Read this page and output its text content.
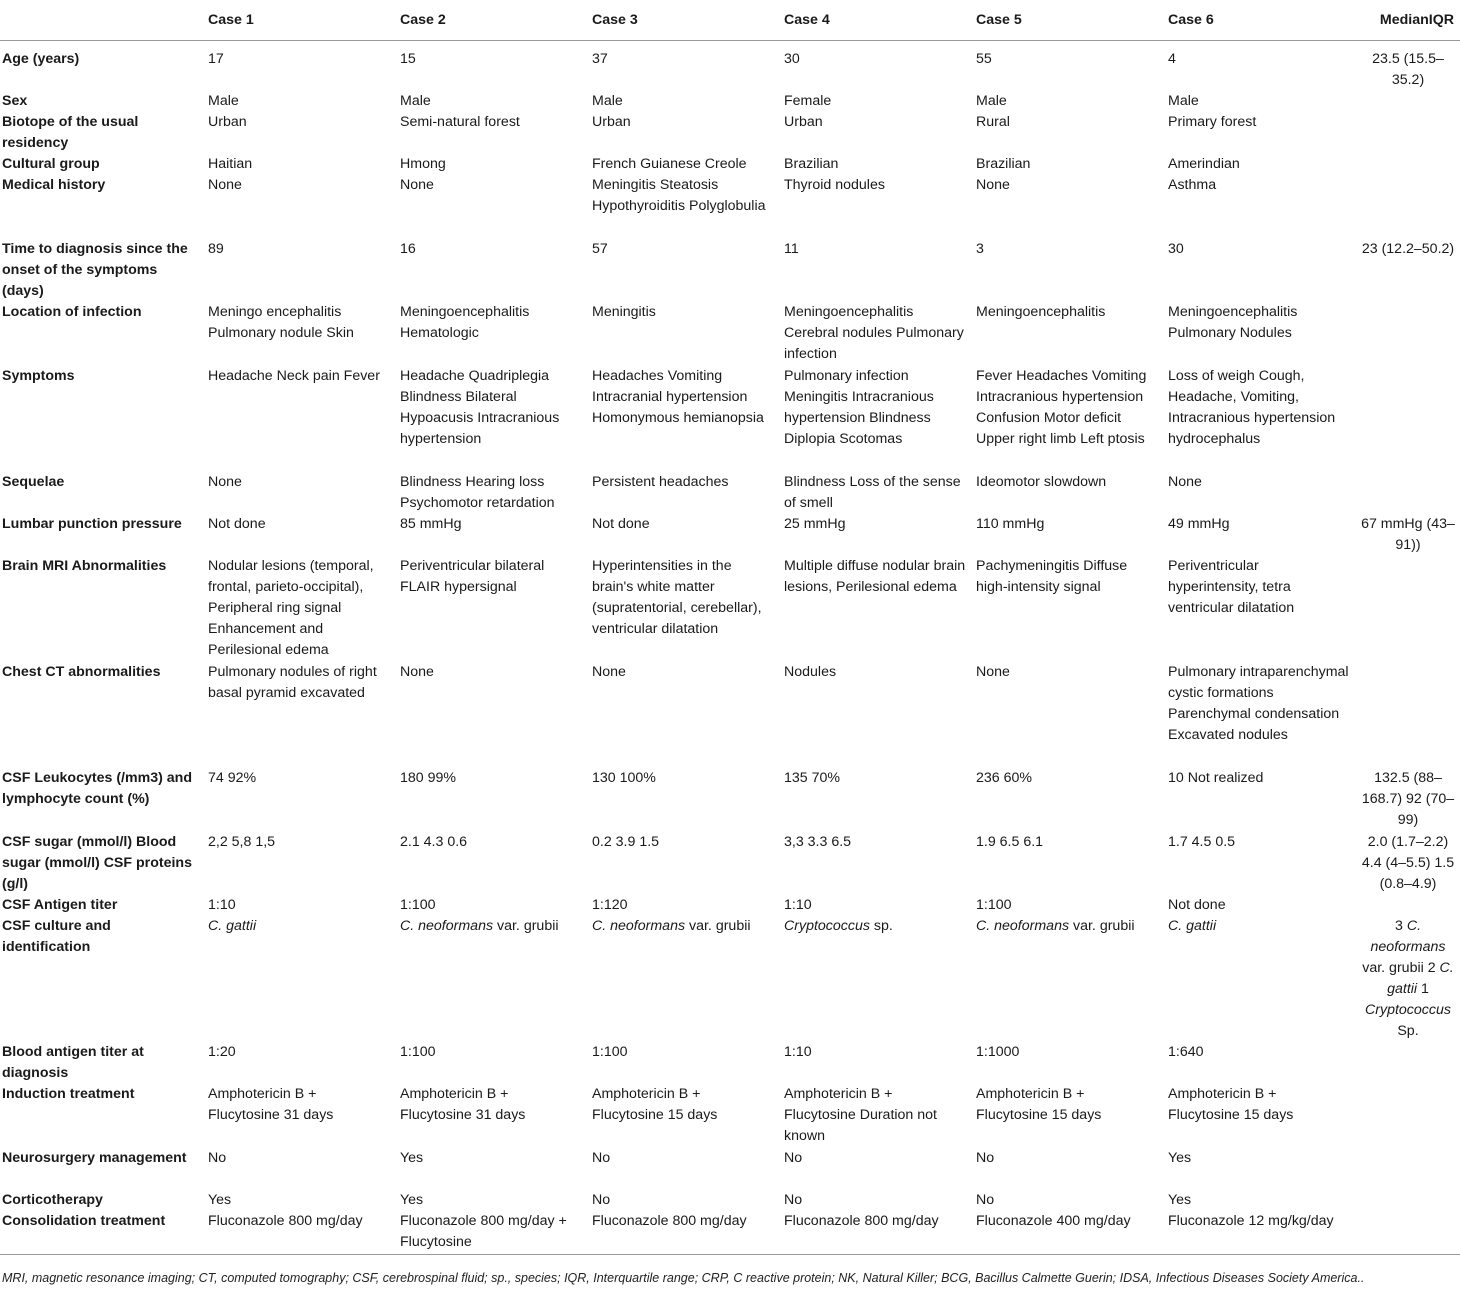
	Case 1	Case 2	Case 3	Case 4	Case 5	Case 6	MedianIQR
Age (years)	17	15	37	30	55	4	23.5 (15.5–35.2)
Sex	Male	Male	Male	Female	Male	Male	
Biotope of the usual residency	Urban	Semi-natural forest	Urban	Urban	Rural	Primary forest	
Cultural group	Haitian	Hmong	French Guianese Creole	Brazilian	Brazilian	Amerindian	
Medical history	None	None	Meningitis Steatosis Hypothyroiditis Polyglobulia	Thyroid nodules	None	Asthma	
Time to diagnosis since the onset of the symptoms (days)	89	16	57	11	3	30	23 (12.2–50.2)
Location of infection	Meningo encephalitis Pulmonary nodule Skin	Meningoencephalitis Hematologic	Meningitis	Meningoencephalitis Cerebral nodules Pulmonary infection	Meningoencephalitis	Meningoencephalitis Pulmonary Nodules	
Symptoms	Headache Neck pain Fever	Headache Quadriplegia Blindness Bilateral Hypoacusis Intracranious hypertension	Headaches Vomiting Intracranial hypertension Homonymous hemianopsia	Pulmonary infection Meningitis Intracranious hypertension Blindness Diplopia Scotomas	Fever Headaches Vomiting Intracranious hypertension Confusion Motor deficit Upper right limb Left ptosis	Loss of weigh Cough, Headache, Vomiting, Intracranious hypertension hydrocephalus	
Sequelae	None	Blindness Hearing loss Psychomotor retardation	Persistent headaches	Blindness Loss of the sense of smell	Ideomotor slowdown	None	
Lumbar punction pressure	Not done	85 mmHg	Not done	25 mmHg	110 mmHg	49 mmHg	67 mmHg (43–91))
Brain MRI Abnormalities	Nodular lesions (temporal, frontal, parieto-occipital), Peripheral ring signal Enhancement and Perilesional edema	Periventricular bilateral FLAIR hypersignal	Hyperintensities in the brain's white matter (supratentorial, cerebellar), ventricular dilatation	Multiple diffuse nodular brain lesions, Perilesional edema	Pachymeningitis Diffuse high-intensity signal	Periventricular hyperintensity, tetra ventricular dilatation	
Chest CT abnormalities	Pulmonary nodules of right basal pyramid excavated	None	None	Nodules	None	Pulmonary intraparenchymal cystic formations Parenchymal condensation Excavated nodules	
CSF Leukocytes (/mm3) and lymphocyte count (%)	74 92%	180 99%	130 100%	135 70%	236 60%	10 Not realized	132.5 (88–168.7) 92 (70–99)
CSF sugar (mmol/l) Blood sugar (mmol/l) CSF proteins (g/l)	2,2 5,8 1,5	2.1 4.3 0.6	0.2 3.9 1.5	3,3 3.3 6.5	1.9 6.5 6.1	1.7 4.5 0.5	2.0 (1.7–2.2) 4.4 (4–5.5) 1.5 (0.8–4.9)
CSF Antigen titer	1:10	1:100	1:120	1:10	1:100	Not done	
CSF culture and identification	C. gattii	C. neoformans var. grubii	C. neoformans var. grubii	Cryptococcus sp.	C. neoformans var. grubii	C. gattii	3 C. neoformans var. grubii 2 C. gattii 1 Cryptococcus Sp.
Blood antigen titer at diagnosis	1:20	1:100	1:100	1:10	1:1000	1:640	
Induction treatment	Amphotericin B + Flucytosine 31 days	Amphotericin B + Flucytosine 31 days	Amphotericin B + Flucytosine 15 days	Amphotericin B + Flucytosine Duration not known	Amphotericin B + Flucytosine 15 days	Amphotericin B + Flucytosine 15 days	
Neurosurgery management	No	Yes	No	No	No	Yes	
Corticotherapy	Yes	Yes	No	No	No	Yes	
Consolidation treatment	Fluconazole 800 mg/day	Fluconazole 800 mg/day + Flucytosine	Fluconazole 800 mg/day	Fluconazole 800 mg/day	Fluconazole 400 mg/day	Fluconazole 12 mg/kg/day	
MRI, magnetic resonance imaging; CT, computed tomography; CSF, cerebrospinal fluid; sp., species; IQR, Interquartile range; CRP, C reactive protein; NK, Natural Killer; BCG, Bacillus Calmette Guerin; IDSA, Infectious Diseases Society America..
